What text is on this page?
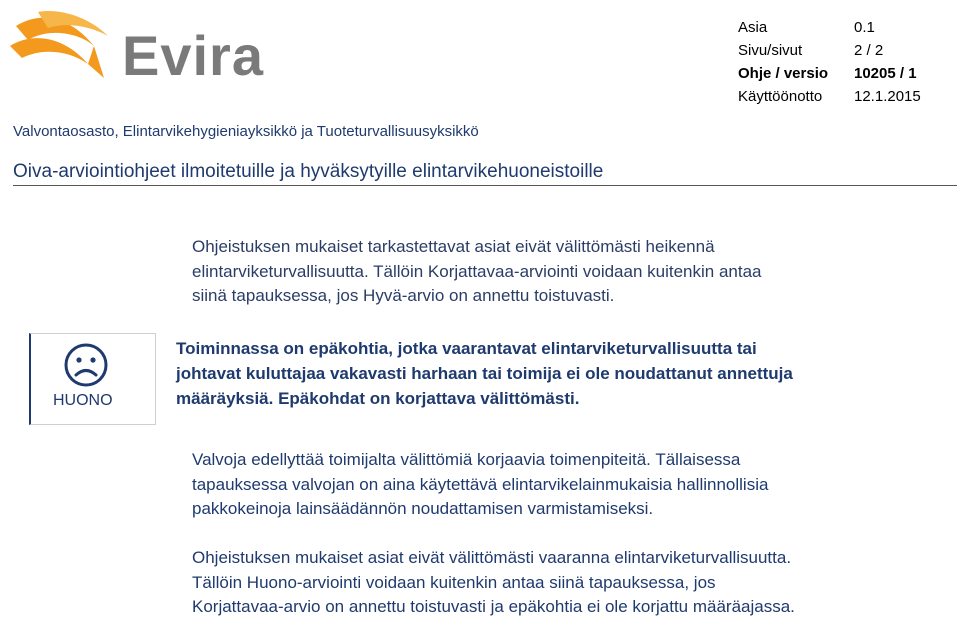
Evira	Asia	0.1
Sivu/sivut	2 / 2
Ohje / versio	10205 / 1
Käyttöönotto	12.1.2015
Valvontaosasto, Elintarvikehygieniayksikkö ja Tuoteturvallisuusyksikkö
Oiva-arviointiohjeet ilmoitetuille ja hyväksytyille elintarvikehuoneistoille
Ohjeistuksen mukaiset tarkastettavat asiat eivät välittömästi heikennä
elintarviketurvallisuutta. Tällöin Korjattavaa-arviointi voidaan kuitenkin antaa
siinä tapauksessa, jos Hyvä-arvio on annettu toistuvasti.
HUONO
Toiminnassa on epäkohtia, jotka vaarantavat elintarviketurvallisuutta tai
johtavat kuluttajaa vakavasti harhaan tai toimija ei ole noudattanut annettuja
määräyksiä. Epäkohdat on korjattava välittömästi.
Valvoja edellyttää toimijalta välittömiä korjaavia toimenpiteitä. Tällaisessa
tapauksessa valvojan on aina käytettävä elintarvikelainmukaisia hallinnollisia
pakkokeinoja lainsäädännön noudattamisen varmistamiseksi.
Ohjeistuksen mukaiset asiat eivät välittömästi vaaranna elintarviketurvallisuutta.
Tällöin Huono-arviointi voidaan kuitenkin antaa siinä tapauksessa, jos
Korjattavaa-arvio on annettu toistuvasti ja epäkohtia ei ole korjattu määräajassa.
